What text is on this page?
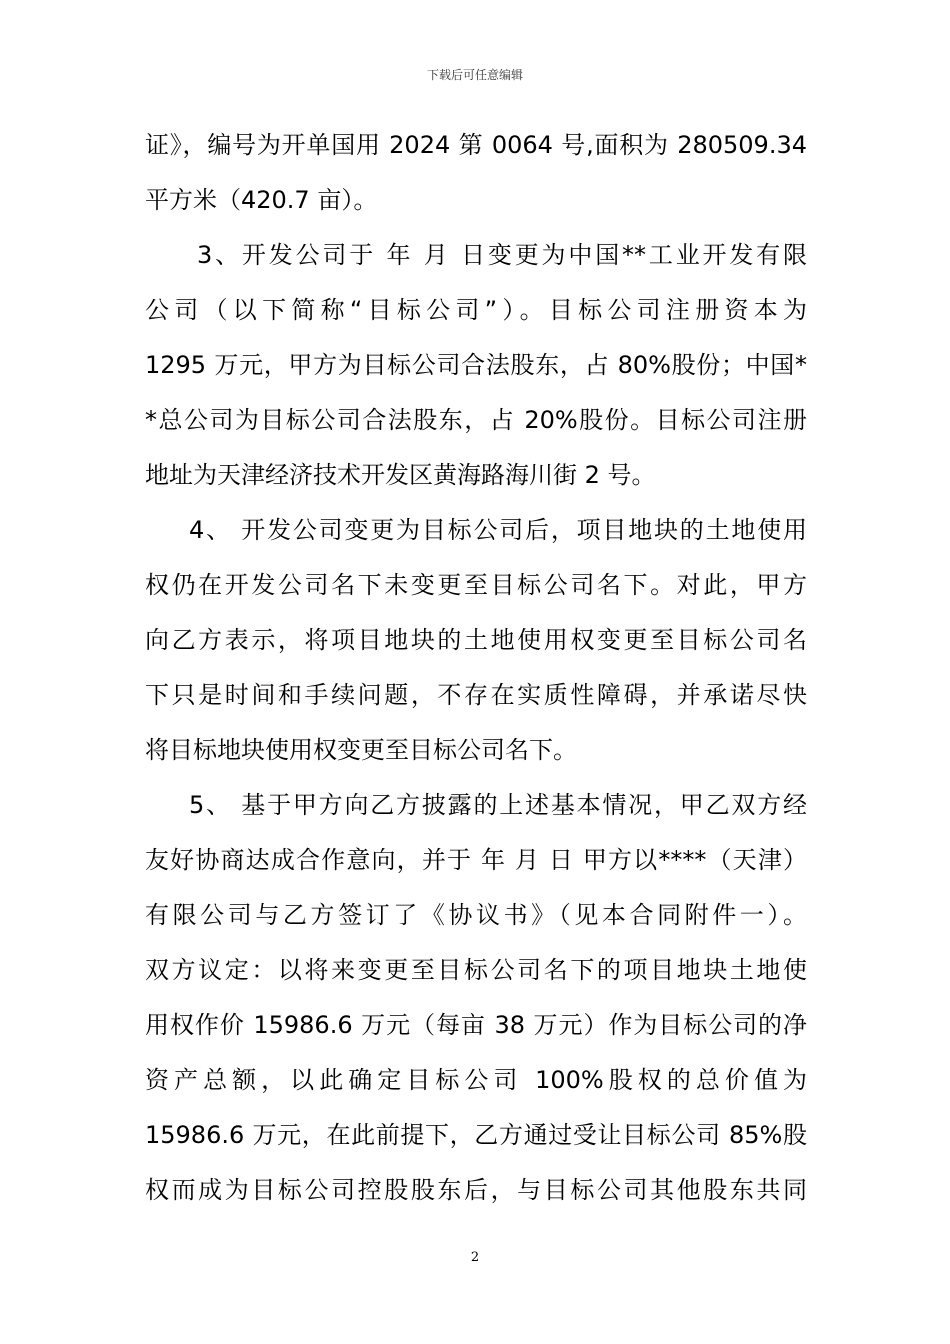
下载后可任意编辑
证》，编号为开单国用 2024 第 0064 号,面积为 280509.34
平方米（420.7 亩）。
3、开发公司于 年 月 日变更为中国**工业开发有限
公司（以下简称“目标公司”）。目标公司注册资本为
1295 万元，甲方为目标公司合法股东，占 80%股份；中国*
*总公司为目标公司合法股东，占 20%股份。目标公司注册
地址为天津经济技术开发区黄海路海川街 2 号。
4、 开发公司变更为目标公司后，项目地块的土地使用
权仍在开发公司名下未变更至目标公司名下。对此，甲方
向乙方表示，将项目地块的土地使用权变更至目标公司名
下只是时间和手续问题，不存在实质性障碍，并承诺尽快
将目标地块使用权变更至目标公司名下。
5、 基于甲方向乙方披露的上述基本情况，甲乙双方经
友好协商达成合作意向，并于 年 月 日 甲方以****（天津）
有限公司与乙方签订了《协议书》（见本合同附件一）。
双方议定：以将来变更至目标公司名下的项目地块土地使
用权作价 15986.6 万元（每亩 38 万元）作为目标公司的净
资产总额，以此确定目标公司 100%股权的总价值为
15986.6 万元，在此前提下，乙方通过受让目标公司 85%股
权而成为目标公司控股股东后，与目标公司其他股东共同
2
